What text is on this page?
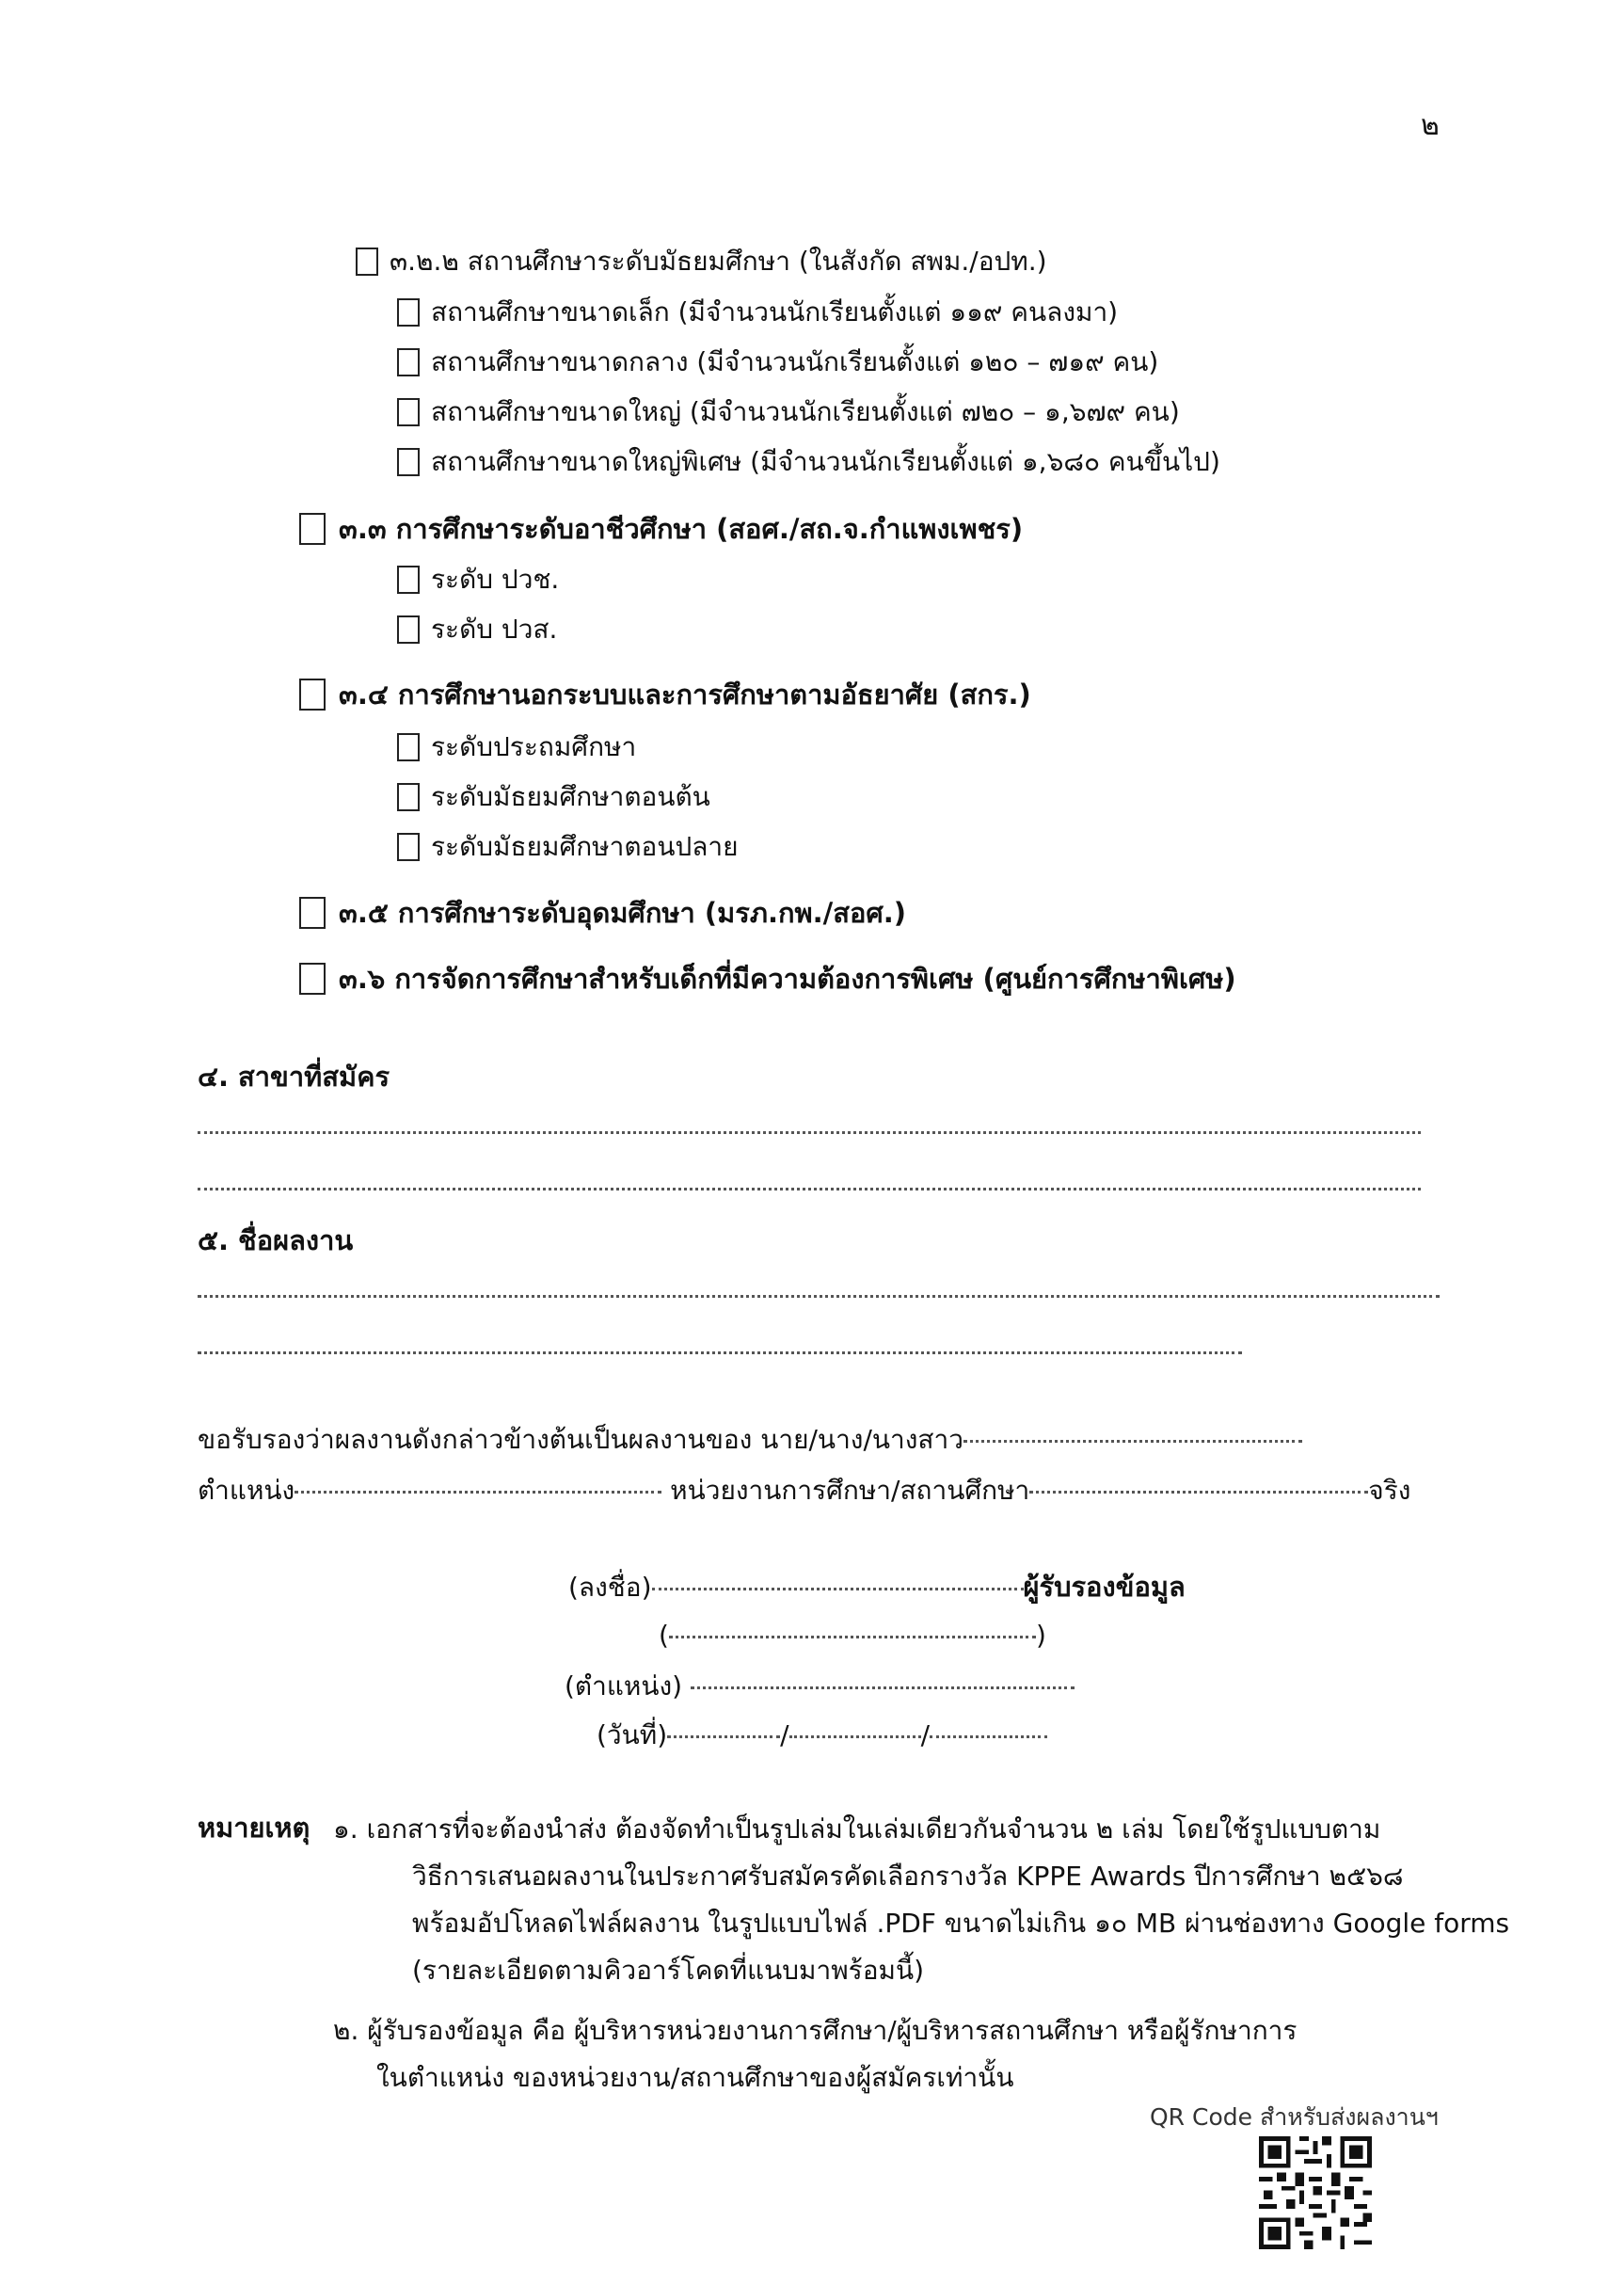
๒
๓.๒.๒ สถานศึกษาระดับมัธยมศึกษา (ในสังกัด สพม./อปท.)
สถานศึกษาขนาดเล็ก (มีจำนวนนักเรียนตั้งแต่ ๑๑๙ คนลงมา)
สถานศึกษาขนาดกลาง (มีจำนวนนักเรียนตั้งแต่ ๑๒๐ – ๗๑๙ คน)
สถานศึกษาขนาดใหญ่ (มีจำนวนนักเรียนตั้งแต่ ๗๒๐ – ๑,๖๗๙ คน)
สถานศึกษาขนาดใหญ่พิเศษ (มีจำนวนนักเรียนตั้งแต่ ๑,๖๘๐ คนขึ้นไป)
๓.๓ การศึกษาระดับอาชีวศึกษา (สอศ./สถ.จ.กำแพงเพชร)
ระดับ ปวช.
ระดับ ปวส.
๓.๔ การศึกษานอกระบบและการศึกษาตามอัธยาศัย (สกร.)
ระดับประถมศึกษา
ระดับมัธยมศึกษาตอนต้น
ระดับมัธยมศึกษาตอนปลาย
๓.๕ การศึกษาระดับอุดมศึกษา (มรภ.กพ./สอศ.)
๓.๖ การจัดการศึกษาสำหรับเด็กที่มีความต้องการพิเศษ (ศูนย์การศึกษาพิเศษ)
๔. สาขาที่สมัคร
๕. ชื่อผลงาน
ขอรับรองว่าผลงานดังกล่าวข้างต้นเป็นผลงานของ นาย/นาง/นางสาว
ตำแหน่ง	หน่วยงานการศึกษา/สถานศึกษา	จริง
(ลงชื่อ)	ผู้รับรองข้อมูล
(	)
(ตำแหน่ง)
(วันที่)	/	/
หมายเหตุ ๑. เอกสารที่จะต้องนำส่ง ต้องจัดทำเป็นรูปเล่มในเล่มเดียวกันจำนวน ๒ เล่ม โดยใช้รูปแบบตาม
วิธีการเสนอผลงานในประกาศรับสมัครคัดเลือกรางวัล KPPE Awards ปีการศึกษา ๒๕๖๘
พร้อมอัปโหลดไฟล์ผลงาน ในรูปแบบไฟล์ .PDF ขนาดไม่เกิน ๑๐ MB ผ่านช่องทาง Google forms
(รายละเอียดตามคิวอาร์โคดที่แนบมาพร้อมนี้)
๒. ผู้รับรองข้อมูล คือ ผู้บริหารหน่วยงานการศึกษา/ผู้บริหารสถานศึกษา หรือผู้รักษาการ
ในตำแหน่ง ของหน่วยงาน/สถานศึกษาของผู้สมัครเท่านั้น
QR Code สำหรับส่งผลงานฯ
